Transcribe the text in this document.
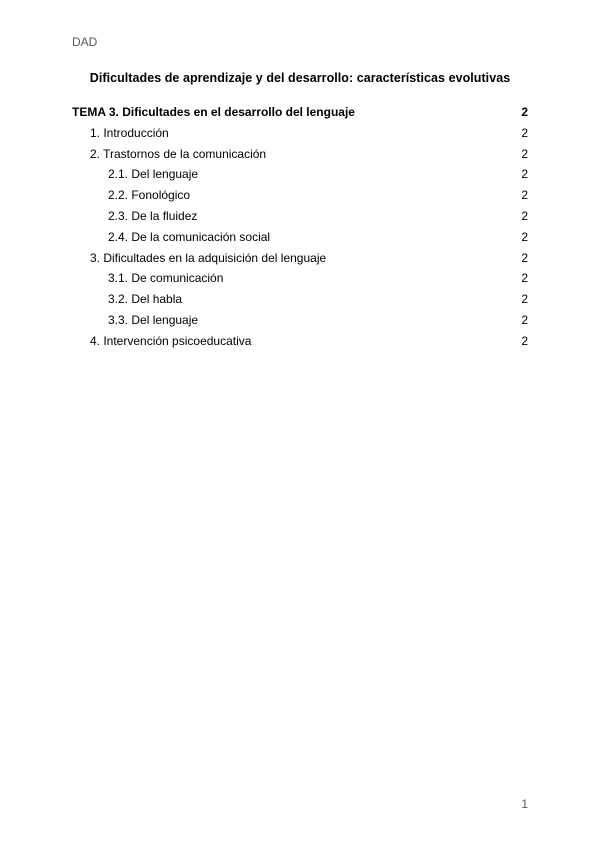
DAD
Dificultades de aprendizaje y del desarrollo: características evolutivas
TEMA 3. Dificultades en el desarrollo del lenguaje	2
1. Introducción	2
2. Trastornos de la comunicación	2
2.1. Del lenguaje	2
2.2. Fonológico	2
2.3. De la fluidez	2
2.4. De la comunicación social	2
3. Dificultades en la adquisición del lenguaje	2
3.1. De comunicación	2
3.2. Del habla	2
3.3. Del lenguaje	2
4. Intervención psicoeducativa	2
1
